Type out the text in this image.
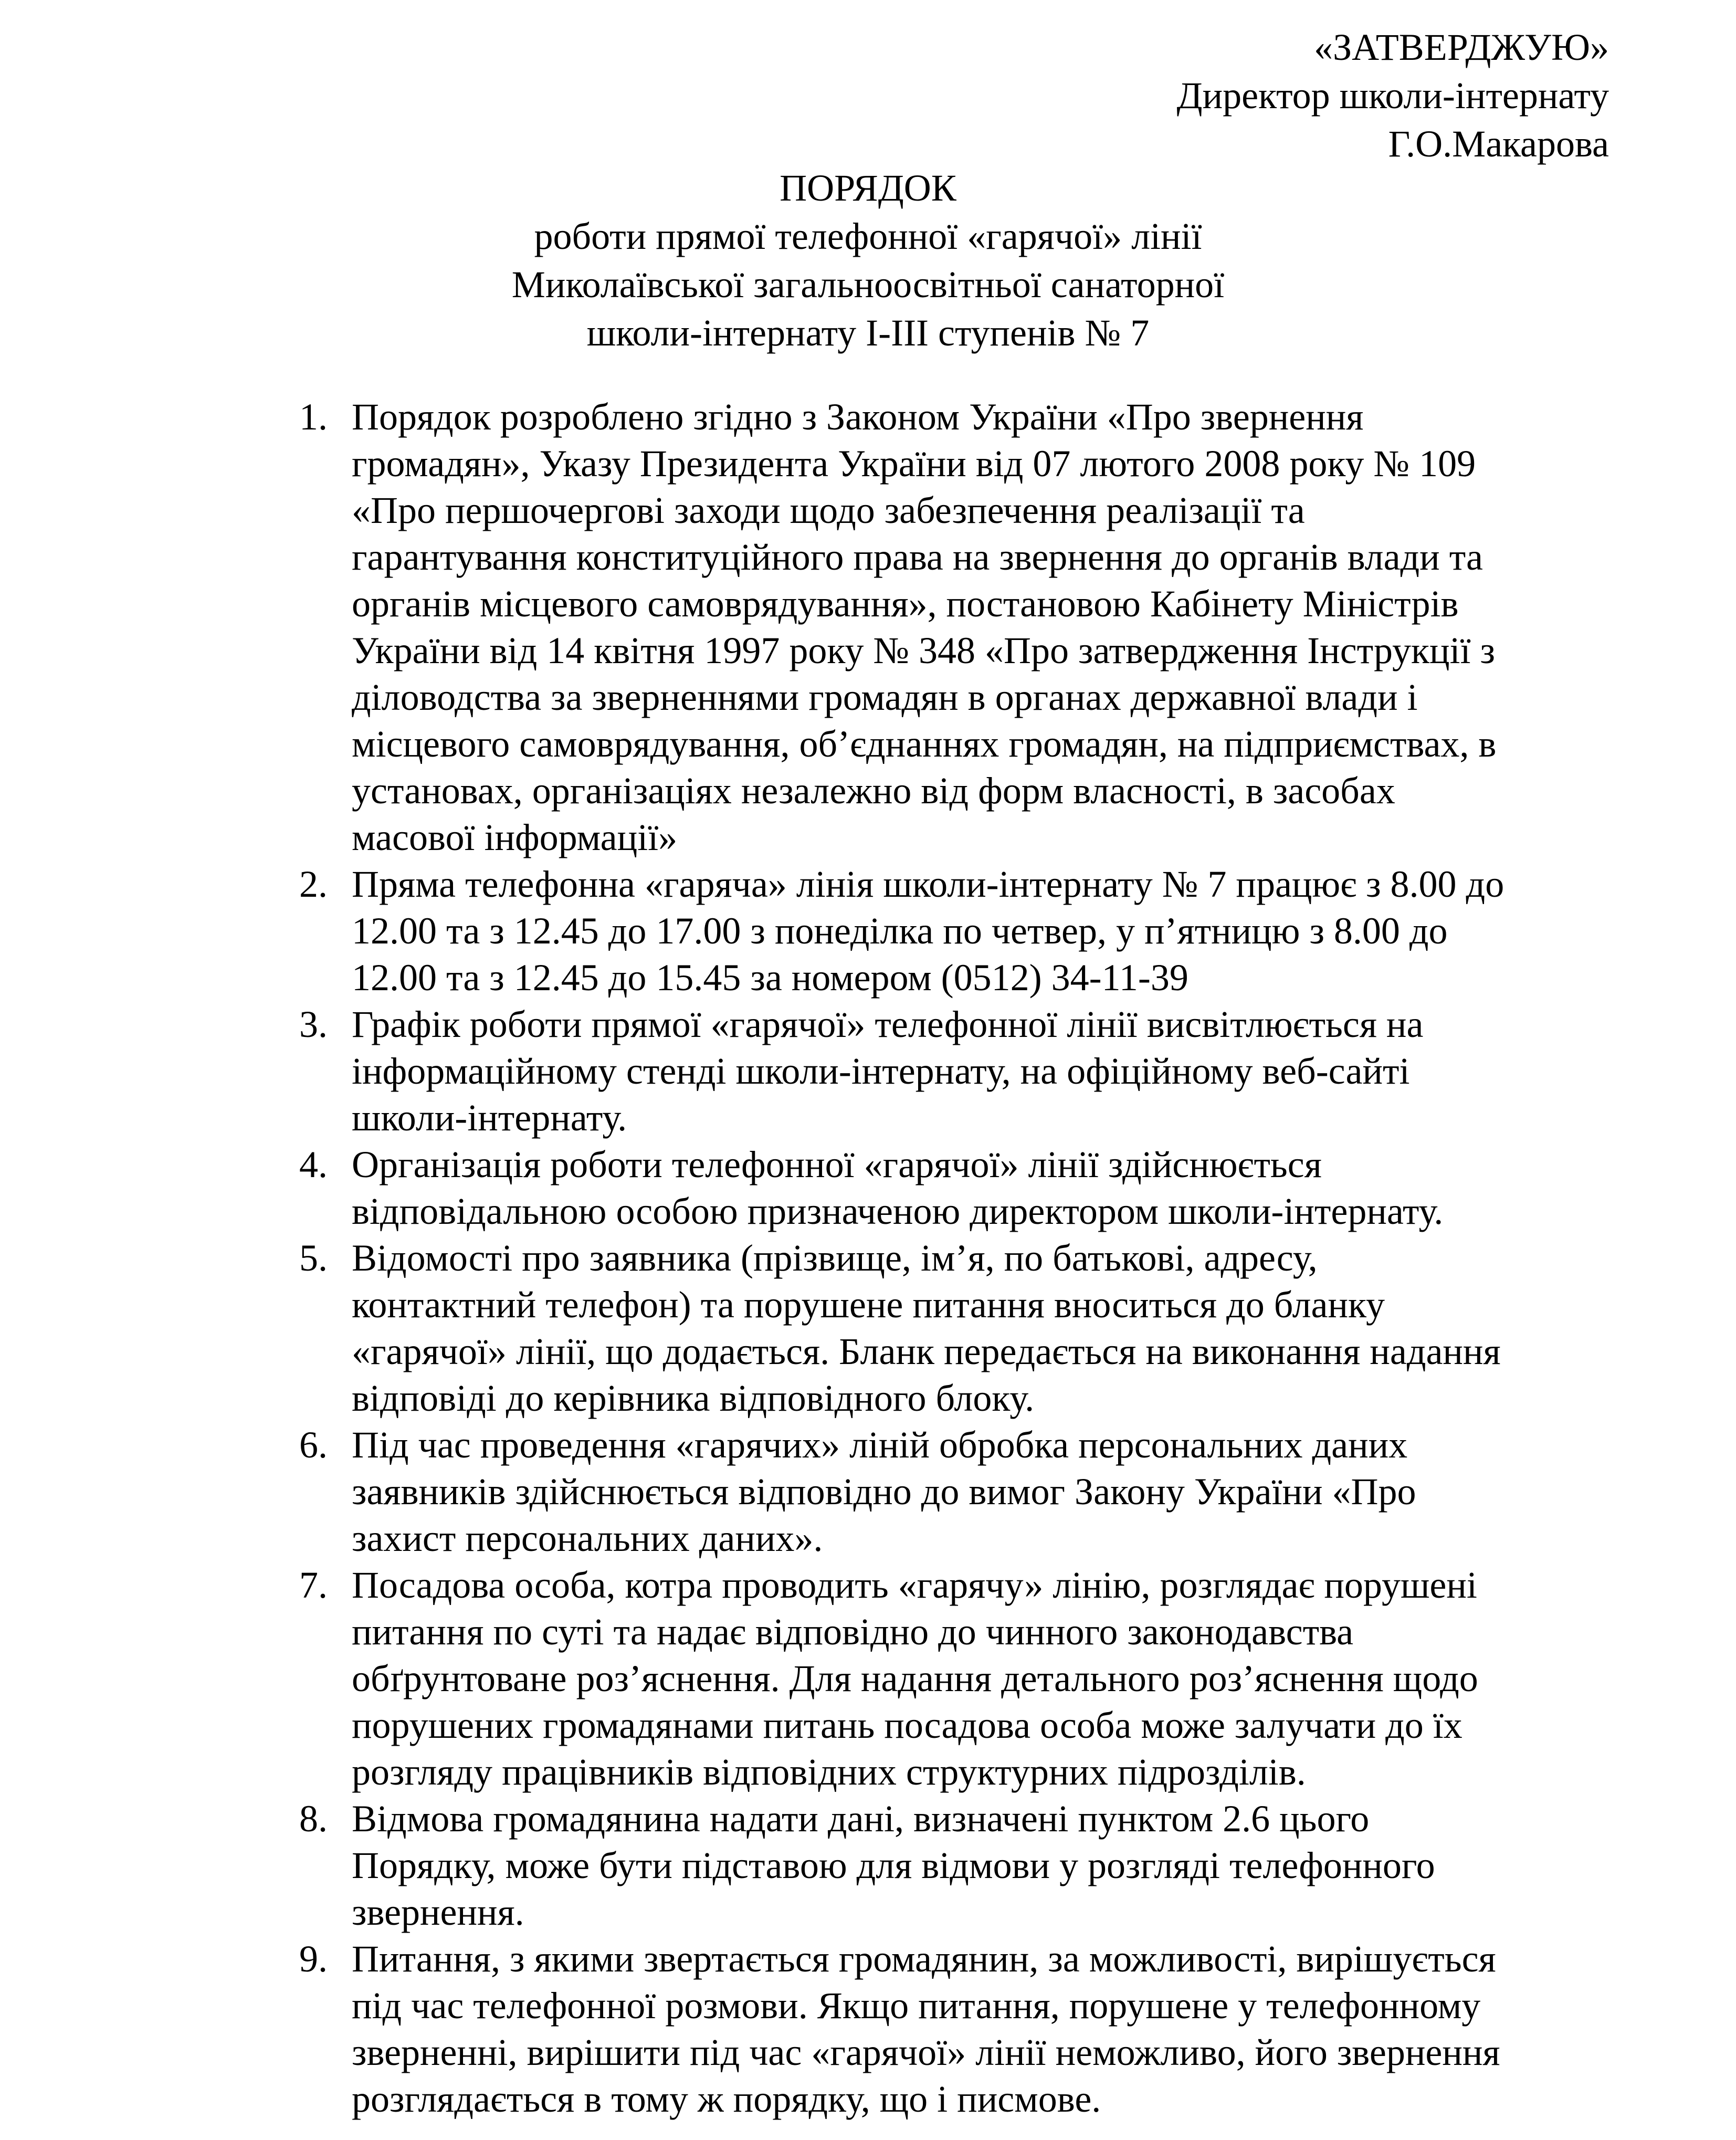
«ЗАТВЕРДЖУЮ»
Директор школи-інтернату
Г.О.Макарова
ПОРЯДОК
роботи прямої телефонної «гарячої» лінії
Миколаївської загальноосвітньої санаторної
школи-інтернату І-ІІІ ступенів № 7
1. Порядок розроблено згідно з Законом України «Про звернення
громадян», Указу Президента України від 07 лютого 2008 року № 109
«Про першочергові заходи щодо забезпечення реалізації та
гарантування конституційного права на звернення до органів влади та
органів місцевого самоврядування», постановою Кабінету Міністрів
України від 14 квітня 1997 року № 348 «Про затвердження Інструкції з
діловодства за зверненнями громадян в органах державної влади і
місцевого самоврядування, об’єднаннях громадян, на підприємствах, в
установах, організаціях незалежно від форм власності, в засобах
масової інформації»
2. Пряма телефонна «гаряча» лінія школи-інтернату № 7 працює з 8.00 до
12.00 та з 12.45 до 17.00 з понеділка по четвер, у п’ятницю з 8.00 до
12.00 та з 12.45 до 15.45 за номером (0512) 34-11-39
3. Графік роботи прямої «гарячої» телефонної лінії висвітлюється на
інформаційному стенді школи-інтернату, на офіційному веб-сайті
школи-інтернату.
4. Організація роботи телефонної «гарячої» лінії здійснюється
відповідальною особою призначеною директором школи-інтернату.
5. Відомості про заявника (прізвище, ім’я, по батькові, адресу,
контактний телефон) та порушене питання вноситься до бланку
«гарячої» лінії, що додається. Бланк передається на виконання надання
відповіді до керівника відповідного блоку.
6. Під час проведення «гарячих» ліній обробка персональних даних
заявників здійснюється відповідно до вимог Закону України «Про
захист персональних даних».
7. Посадова особа, котра проводить «гарячу» лінію, розглядає порушені
питання по суті та надає відповідно до чинного законодавства
обґрунтоване роз’яснення. Для надання детального роз’яснення щодо
порушених громадянами питань посадова особа може залучати до їх
розгляду працівників відповідних структурних підрозділів.
8. Відмова громадянина надати дані, визначені пунктом 2.6 цього
Порядку, може бути підставою для відмови у розгляді телефонного
звернення.
9. Питання, з якими звертається громадянин, за можливості, вирішується
під час телефонної розмови. Якщо питання, порушене у телефонному
зверненні, вирішити під час «гарячої» лінії неможливо, його звернення
розглядається в тому ж порядку, що і писмове.
